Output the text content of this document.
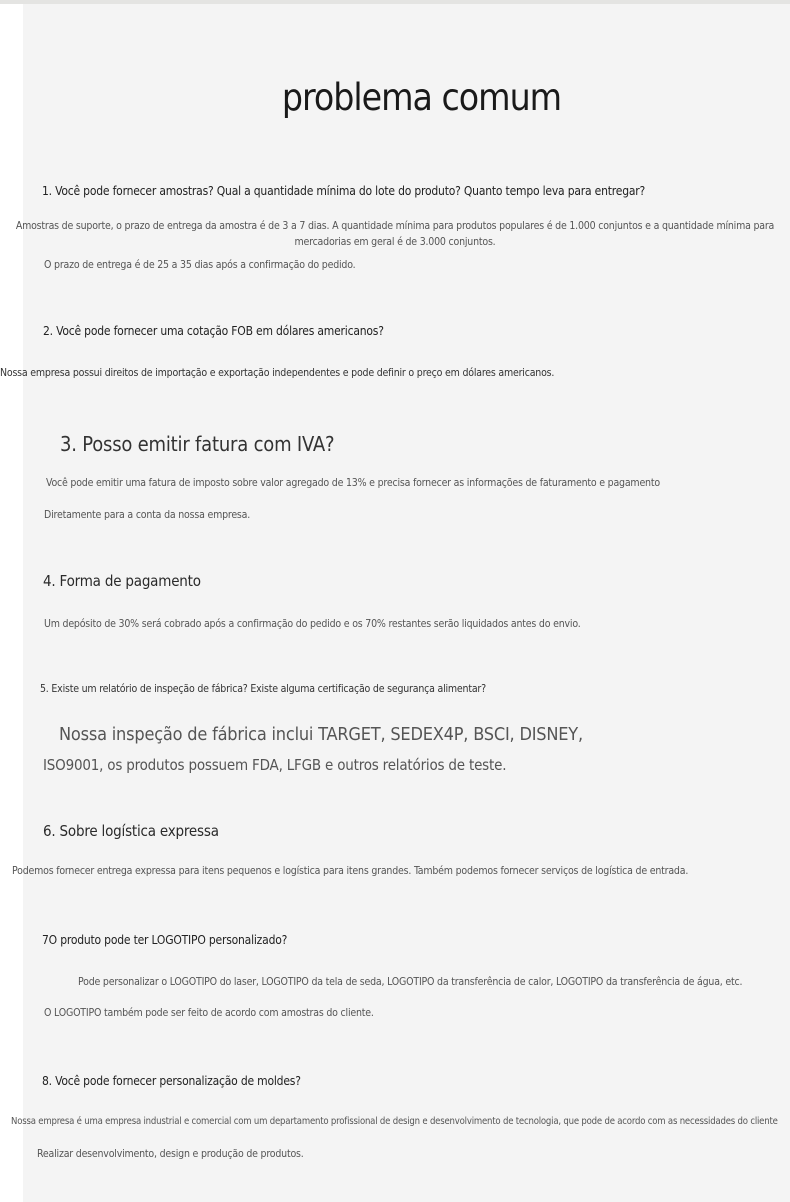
problema comum

1. Você pode fornecer amostras? Qual a quantidade mínima do lote do produto? Quanto tempo leva para entregar?

Amostras de suporte, o prazo de entrega da amostra é de 3 a 7 dias. A quantidade mínima para produtos populares é de 1.000 conjuntos e a quantidade mínima para mercadorias em geral é de 3.000 conjuntos.

O prazo de entrega é de 25 a 35 dias após a confirmação do pedido.

2. Você pode fornecer uma cotação FOB em dólares americanos?

Nossa empresa possui direitos de importação e exportação independentes e pode definir o preço em dólares americanos.

3. Posso emitir fatura com IVA?

Você pode emitir uma fatura de imposto sobre valor agregado de 13% e precisa fornecer as informações de faturamento e pagamento

Diretamente para a conta da nossa empresa.

4. Forma de pagamento

Um depósito de 30% será cobrado após a confirmação do pedido e os 70% restantes serão liquidados antes do envio.

5. Existe um relatório de inspeção de fábrica? Existe alguma certificação de segurança alimentar?

Nossa inspeção de fábrica inclui TARGET, SEDEX4P, BSCI, DISNEY,

ISO9001, os produtos possuem FDA, LFGB e outros relatórios de teste.

6. Sobre logística expressa

Podemos fornecer entrega expressa para itens pequenos e logística para itens grandes. Também podemos fornecer serviços de logística de entrada.

7O produto pode ter LOGOTIPO personalizado?

Pode personalizar o LOGOTIPO do laser, LOGOTIPO da tela de seda, LOGOTIPO da transferência de calor, LOGOTIPO da transferência de água, etc.

O LOGOTIPO também pode ser feito de acordo com amostras do cliente.

8. Você pode fornecer personalização de moldes?

Nossa empresa é uma empresa industrial e comercial com um departamento profissional de design e desenvolvimento de tecnologia, que pode de acordo com as necessidades do cliente

Realizar desenvolvimento, design e produção de produtos.
